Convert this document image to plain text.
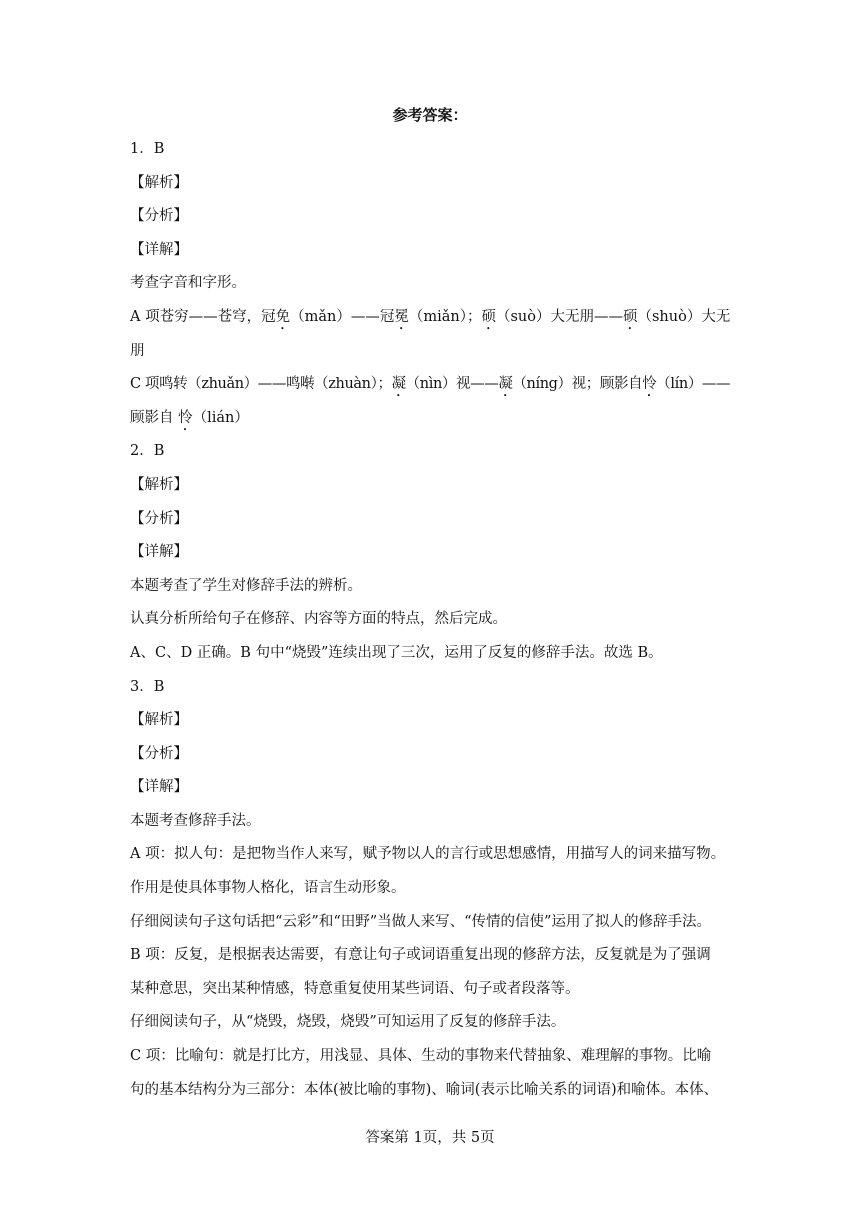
参考答案：
1．B
【解析】
【分析】
【详解】
考查字音和字形。
A 项苍穷——苍穹，冠免（mǎn）——冠冕（miǎn）；硕（suò）大无朋——硕（shuò）大无
朋
C 项鸣转（zhuǎn）——鸣啭（zhuàn）；凝（nìn）视——凝（níng）视；顾影自怜（lín）——
顾影自 怜（lián）
2．B
【解析】
【分析】
【详解】
本题考查了学生对修辞手法的辨析。
认真分析所给句子在修辞、内容等方面的特点，然后完成。
A、C、D 正确。B 句中“烧毁”连续出现了三次，运用了反复的修辞手法。故选 B。
3．B
【解析】
【分析】
【详解】
本题考查修辞手法。
A 项：拟人句：是把物当作人来写，赋予物以人的言行或思想感情，用描写人的词来描写物。
作用是使具体事物人格化，语言生动形象。
仔细阅读句子这句话把“云彩”和“田野”当做人来写、“传情的信使”运用了拟人的修辞手法。
B 项：反复，是根据表达需要，有意让句子或词语重复出现的修辞方法，反复就是为了强调
某种意思，突出某种情感，特意重复使用某些词语、句子或者段落等。
仔细阅读句子，从“烧毁，烧毁，烧毁”可知运用了反复的修辞手法。
C 项：比喻句：就是打比方，用浅显、具体、生动的事物来代替抽象、难理解的事物。比喻
句的基本结构分为三部分：本体(被比喻的事物)、喻词(表示比喻关系的词语)和喻体。本体、
答案第 1页，共 5页
